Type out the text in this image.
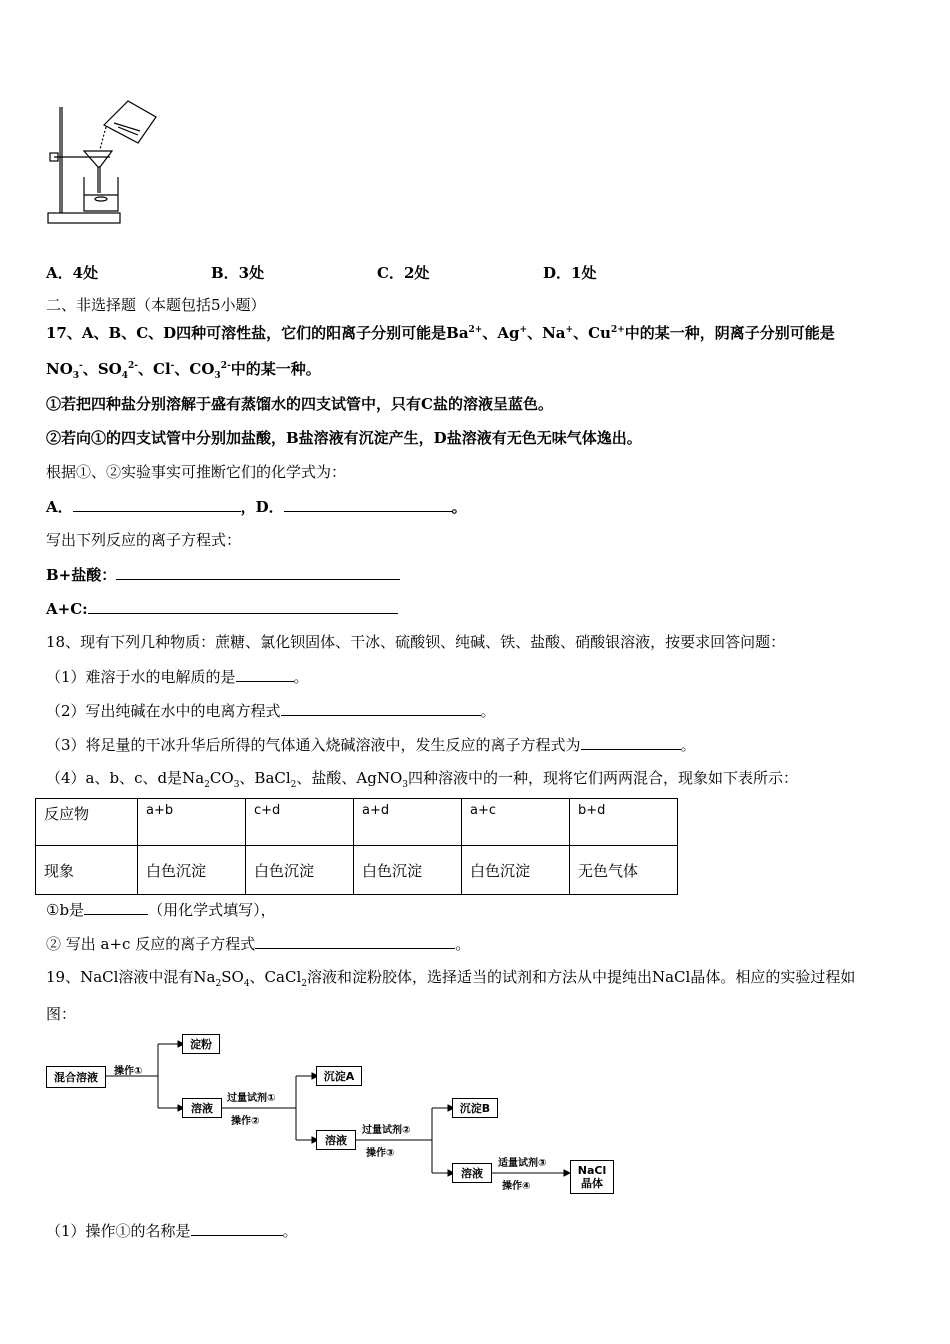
A．4处	B．3处	C．2处	D．1处
二、非选择题（本题包括5小题）
17、A、B、C、D四种可溶性盐，它们的阳离子分别可能是$Ba^{2+}$、Ag+、Na+、$Cu^{2+}$中的某一种，阴离子分别可能是
$NO_3^-$、$SO_4^{2-}$、Cl-、$CO_3^{2-}$中的某一种。
①若把四种盐分别溶解于盛有蒸馏水的四支试管中，只有C盐的溶液呈蓝色。
②若向①的四支试管中分别加盐酸，B盐溶液有沉淀产生，D盐溶液有无色无味气体逸出。
根据①、②实验事实可推断它们的化学式为：
A．	，D．	。
写出下列反应的离子方程式：
B+盐酸：
A+C:
18、现有下列几种物质：蔗糖、氯化钡固体、干冰、硫酸钡、纯碱、铁、盐酸、硝酸银溶液，按要求回答问题：
（1）难溶于水的电解质的是	。
（2）写出纯碱在水中的电离方程式	。
（3）将足量的干冰升华后所得的气体通入烧碱溶液中，发生反应的离子方程式为	。
（4）a、b、c、d是$Na_2CO_3$、BaCl$_2$、盐酸、AgNO$_3$四种溶液中的一种，现将它们两两混合，现象如下表所示：
反应物	a+b	c+d	a+d	a+c	b+d
现象	白色沉淀	白色沉淀	白色沉淀	白色沉淀	无色气体
①b是	（用化学式填写），
② 写出 a+c 反应的离子方程式	。
19、NaCl溶液中混有$Na_2SO_4$、CaCl$_2$溶液和淀粉胶体，选择适当的试剂和方法从中提纯出NaCl晶体。相应的实验过程如
图：
混合溶液	操作①
淀粉
溶液
过量试剂①
操作②
沉淀A
溶液
过量试剂②
操作③
沉淀B
溶液
适量试剂③
操作④
NaCl
晶体
（1）操作①的名称是	。
